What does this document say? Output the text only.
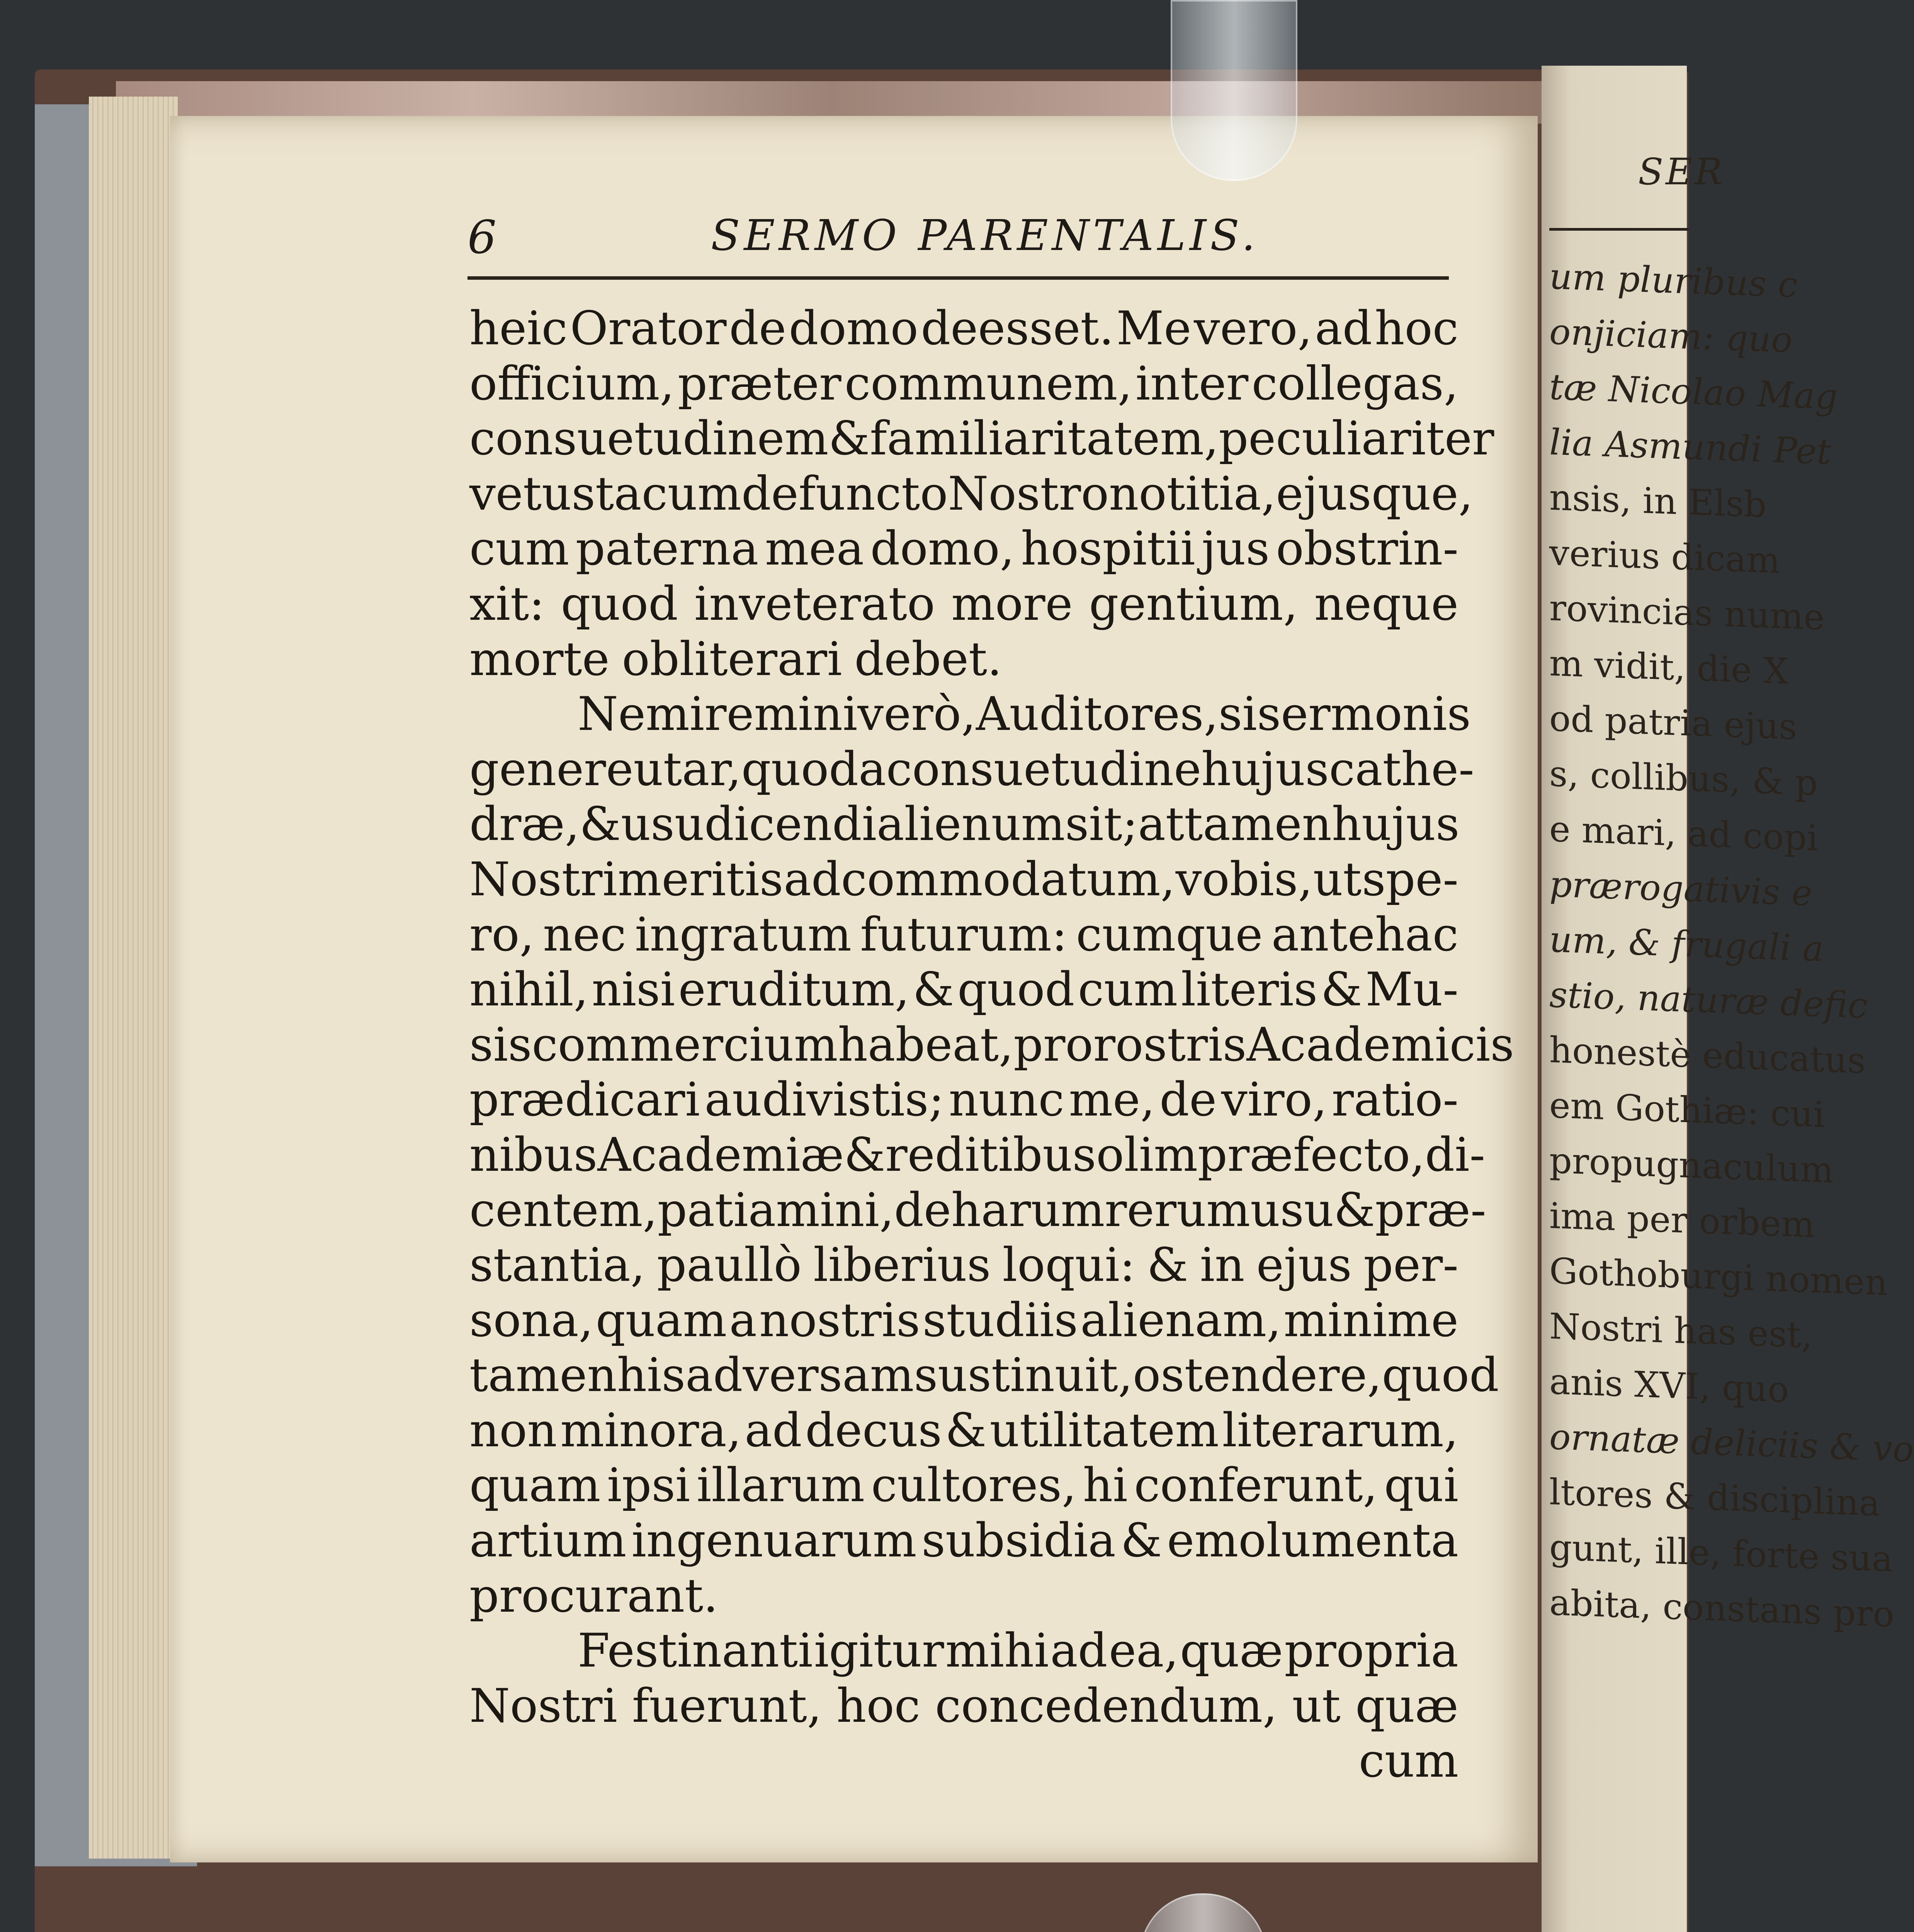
6	SERMO PARENTALIS.
heic Orator de domo deesset. Me vero, ad hoc
officium, præter communem, inter collegas,
consuetudinem & familiaritatem, peculiariter
vetusta cum defuncto Nostro notitia, ejusque,
cum paterna mea domo, hospitii jus obstrin-
xit: quod inveterato more gentium, neque
morte obliterari debet.
Ne miremini verò, Auditores, si sermonis
genere utar, quod a consuetudine hujus cathe-
dræ, & usu dicendi alienum sit; attamen hujus
Nostri meritis adcommodatum, vobis, ut spe-
ro, nec ingratum futurum: cumque antehac
nihil, nisi eruditum, & quod cum literis & Mu-
sis commercium habeat, pro rostris Academicis
prædicari audivistis; nunc me, de viro, ratio-
nibus Academiæ & reditibus olim præfecto, di-
centem, patiamini, de harum rerum usu & præ-
stantia, paullò liberius loqui: & in ejus per-
sona, quam a nostris studiis alienam, minime
tamen his adversam sustinuit, ostendere, quod
non minora, ad decus & utilitatem literarum,
quam ipsi illarum cultores, hi conferunt, qui
artium ingenuarum subsidia & emolumenta
procurant.
Festinanti igitur mihi ad ea, quæ propria
Nostri fuerunt, hoc concedendum, ut quæ
cum
SER
um pluribus c
onjiciam: quo
tæ Nicolao Mag
lia Asmundi Pet
nsis, in Elsb
verius dicam
rovincias nume
m vidit, die X
od patria ejus
s, collibus, & p
e mari, ad copi
prærogativis e
um, & frugali a
stio, naturæ defic
honestè educatus
em Gothiæ: cui
propugnaculum
ima per orbem
Gothoburgi nomen
Nostri has est,
anis XVI, quo
ornatæ deliciis & vo
ltores & disciplina
gunt, ille, forte sua
abita, constans pro
